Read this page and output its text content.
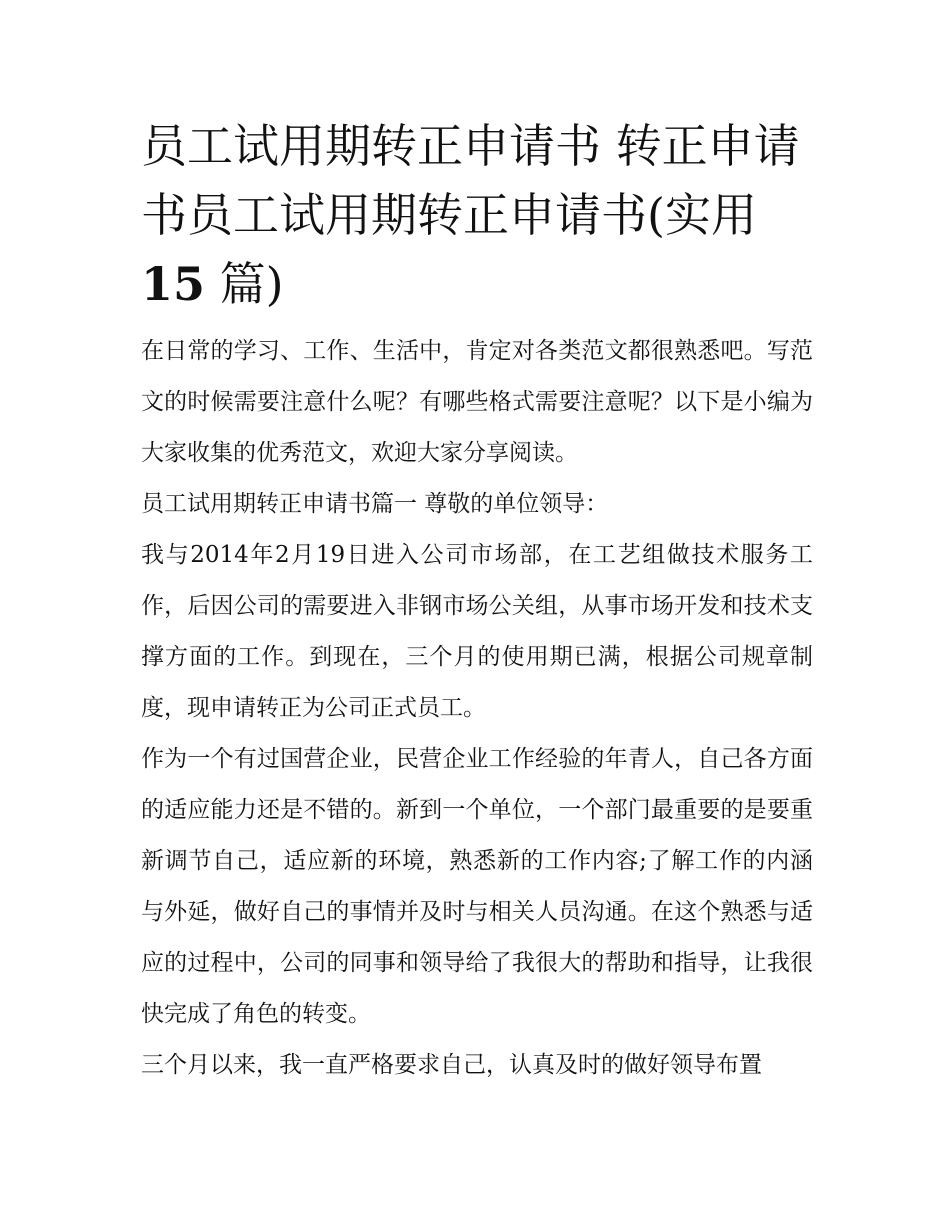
员工试用期转正申请书 转正申请书员工试用期转正申请书(实用15 篇)

在日常的学习、工作、生活中，肯定对各类范文都很熟悉吧。写范文的时候需要注意什么呢？有哪些格式需要注意呢？以下是小编为大家收集的优秀范文，欢迎大家分享阅读。

员工试用期转正申请书篇一 尊敬的单位领导：

我与2014年2月19日进入公司市场部，在工艺组做技术服务工作，后因公司的需要进入非钢市场公关组，从事市场开发和技术支撑方面的工作。到现在，三个月的使用期已满，根据公司规章制度，现申请转正为公司正式员工。

作为一个有过国营企业，民营企业工作经验的年青人，自己各方面的适应能力还是不错的。新到一个单位，一个部门最重要的是要重新调节自己，适应新的环境，熟悉新的工作内容;了解工作的内涵与外延，做好自己的事情并及时与相关人员沟通。在这个熟悉与适应的过程中，公司的同事和领导给了我很大的帮助和指导，让我很快完成了角色的转变。

三个月以来，我一直严格要求自己，认真及时的做好领导布置
